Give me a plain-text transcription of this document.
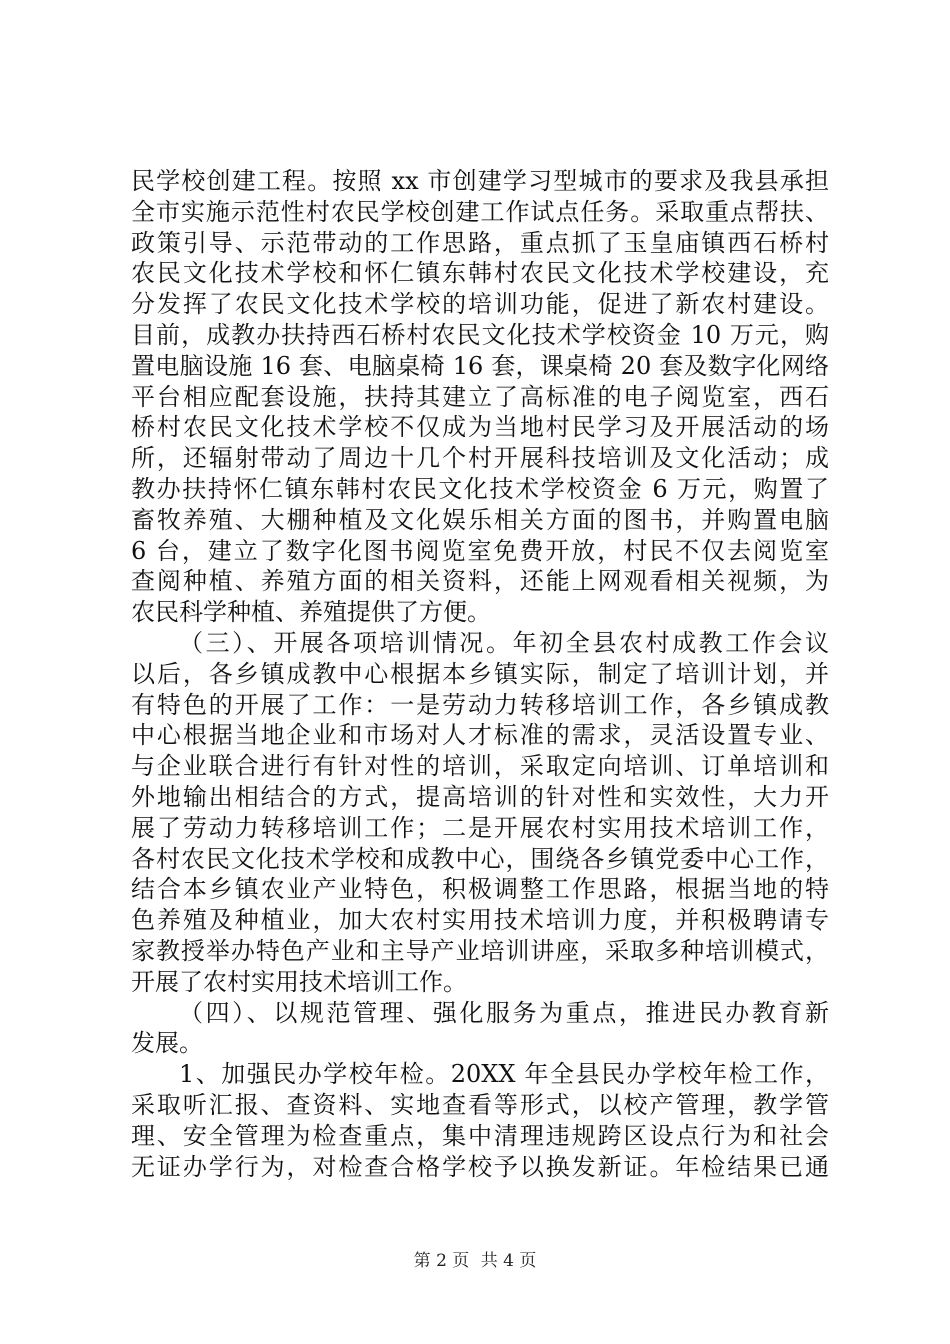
民学校创建工程。按照 xx 市创建学习型城市的要求及我县承担
全市实施示范性村农民学校创建工作试点任务。采取重点帮扶、
政策引导、示范带动的工作思路，重点抓了玉皇庙镇西石桥村
农民文化技术学校和怀仁镇东韩村农民文化技术学校建设，充
分发挥了农民文化技术学校的培训功能，促进了新农村建设。
目前，成教办扶持西石桥村农民文化技术学校资金 10 万元，购
置电脑设施 16 套、电脑桌椅 16 套，课桌椅 20 套及数字化网络
平台相应配套设施，扶持其建立了高标准的电子阅览室，西石
桥村农民文化技术学校不仅成为当地村民学习及开展活动的场
所，还辐射带动了周边十几个村开展科技培训及文化活动；成
教办扶持怀仁镇东韩村农民文化技术学校资金 6 万元，购置了
畜牧养殖、大棚种植及文化娱乐相关方面的图书，并购置电脑
6 台，建立了数字化图书阅览室免费开放，村民不仅去阅览室
查阅种植、养殖方面的相关资料，还能上网观看相关视频，为
农民科学种植、养殖提供了方便。
（三）、开展各项培训情况。年初全县农村成教工作会议
以后，各乡镇成教中心根据本乡镇实际，制定了培训计划，并
有特色的开展了工作：一是劳动力转移培训工作，各乡镇成教
中心根据当地企业和市场对人才标准的需求，灵活设置专业、
与企业联合进行有针对性的培训，采取定向培训、订单培训和
外地输出相结合的方式，提高培训的针对性和实效性，大力开
展了劳动力转移培训工作；二是开展农村实用技术培训工作，
各村农民文化技术学校和成教中心，围绕各乡镇党委中心工作，
结合本乡镇农业产业特色，积极调整工作思路，根据当地的特
色养殖及种植业，加大农村实用技术培训力度，并积极聘请专
家教授举办特色产业和主导产业培训讲座，采取多种培训模式，
开展了农村实用技术培训工作。
（四）、以规范管理、强化服务为重点，推进民办教育新
发展。
1、加强民办学校年检。20XX 年全县民办学校年检工作，
采取听汇报、查资料、实地查看等形式，以校产管理，教学管
理、安全管理为检查重点，集中清理违规跨区设点行为和社会
无证办学行为，对检查合格学校予以换发新证。年检结果已通
第 2 页 共 4 页
